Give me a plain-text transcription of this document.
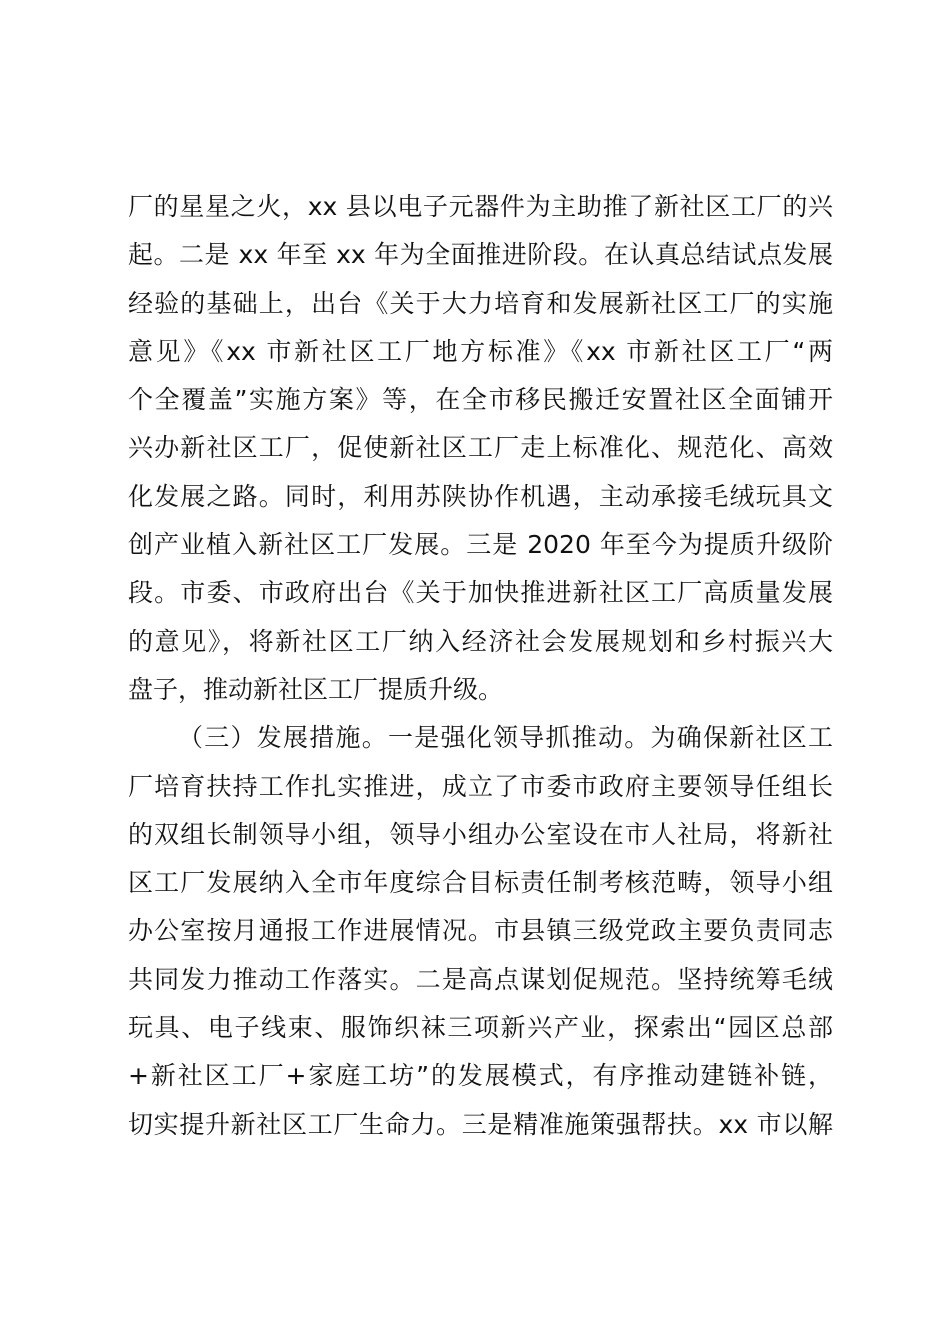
厂的星星之火，xx 县以电子元器件为主助推了新社区工厂的兴
起。二是 xx 年至 xx 年为全面推进阶段。在认真总结试点发展
经验的基础上，出台《关于大力培育和发展新社区工厂的实施
意见》《xx 市新社区工厂地方标准》《xx 市新社区工厂“两
个全覆盖”实施方案》等，在全市移民搬迁安置社区全面铺开
兴办新社区工厂，促使新社区工厂走上标准化、规范化、高效
化发展之路。同时，利用苏陕协作机遇，主动承接毛绒玩具文
创产业植入新社区工厂发展。三是 2020 年至今为提质升级阶
段。市委、市政府出台《关于加快推进新社区工厂高质量发展
的意见》，将新社区工厂纳入经济社会发展规划和乡村振兴大
盘子，推动新社区工厂提质升级。
（三）发展措施。一是强化领导抓推动。为确保新社区工
厂培育扶持工作扎实推进，成立了市委市政府主要领导任组长
的双组长制领导小组，领导小组办公室设在市人社局，将新社
区工厂发展纳入全市年度综合目标责任制考核范畴，领导小组
办公室按月通报工作进展情况。市县镇三级党政主要负责同志
共同发力推动工作落实。二是高点谋划促规范。坚持统筹毛绒
玩具、电子线束、服饰织袜三项新兴产业，探索出“园区总部
+新社区工厂+家庭工坊”的发展模式，有序推动建链补链，
切实提升新社区工厂生命力。三是精准施策强帮扶。xx 市以解
